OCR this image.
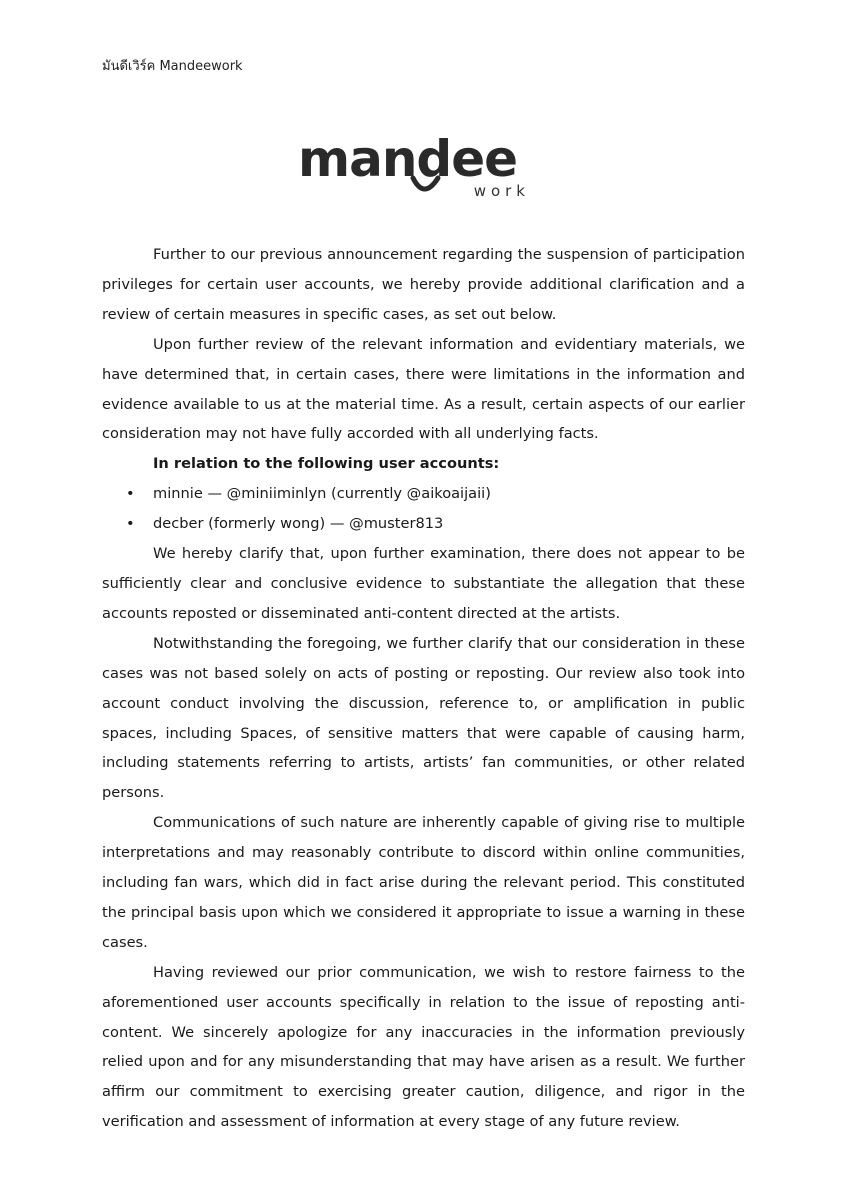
มันดีเวิร์ค Mandeework
mandee
work

Further to our previous announcement regarding the suspension of participation privileges for certain user accounts, we hereby provide additional clarification and a review of certain measures in specific cases, as set out below.

Upon further review of the relevant information and evidentiary materials, we have determined that, in certain cases, there were limitations in the information and evidence available to us at the material time. As a result, certain aspects of our earlier consideration may not have fully accorded with all underlying facts.

In relation to the following user accounts:

• minnie — @miniiminlyn (currently @aikoaijaii)
• decber (formerly wong) — @muster813

We hereby clarify that, upon further examination, there does not appear to be sufficiently clear and conclusive evidence to substantiate the allegation that these accounts reposted or disseminated anti-content directed at the artists.

Notwithstanding the foregoing, we further clarify that our consideration in these cases was not based solely on acts of posting or reposting. Our review also took into account conduct involving the discussion, reference to, or amplification in public spaces, including Spaces, of sensitive matters that were capable of causing harm, including statements referring to artists, artists’ fan communities, or other related persons.

Communications of such nature are inherently capable of giving rise to multiple interpretations and may reasonably contribute to discord within online communities, including fan wars, which did in fact arise during the relevant period. This constituted the principal basis upon which we considered it appropriate to issue a warning in these cases.

Having reviewed our prior communication, we wish to restore fairness to the aforementioned user accounts specifically in relation to the issue of reposting anti-content. We sincerely apologize for any inaccuracies in the information previously relied upon and for any misunderstanding that may have arisen as a result. We further affirm our commitment to exercising greater caution, diligence, and rigor in the verification and assessment of information at every stage of any future review.
